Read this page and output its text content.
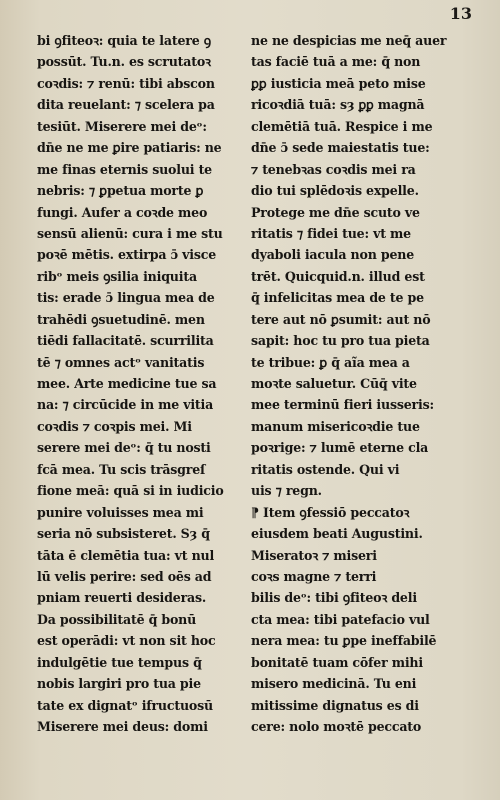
13
bi ꝯfiteoꝛ: quia te latere ꝯ
possūt. Tu.n. es scrutatoꝛ
coꝛdis: ⁊ renū: tibi abscon
dita reuelant: ⁊ scelera pa
tesiūt. Miserere mei deᵒ:
dn̄e ne me ꝑire patiaris: ne
me finas eternis suolui te
nebris: ⁊ ꝑpetua morte ꝑ
fungi. Aufer a coꝛde meo
sensū alienū: cura i me stu
poꝛē mētis. extirpa ɔ̄ visce
ribᵒ meis ꝯsilia iniquita
tis: erade ɔ̄ lingua mea de
trahēdi ꝯsuetudinē. men
tiēdi fallacitatē. scurrilita
tē ⁊ omnes actᵒ vanitatis
mee. Arte medicine tue sa
na: ⁊ circūcide in me vitia
coꝛdis ⁊ coꝛpis mei. Mi
serere mei deᵒ: q̄ tu nosti
fcā mea. Tu scis trāsgreſ
fione meā: quā si in iudicio
punire voluisses mea mi
seria nō subsisteret. Sȝ q̄
tāta ē clemētia tua: vt nul
lū velis perire: sed oēs ad
pniam reuerti desideras.
Da possibilitatē q̄ bonū
est operādi: vt non sit hoc
indulgētie tue tempus q̄
nobis largiri pro tua pie
tate ex dignatᵒ ifructuosū
Miserere mei deus: domi
ne ne despicias me neq̄ auer
tas faciē tuā a me: q̄ non
ꝑꝑ iusticia meā peto mise
ricoꝛdiā tuā: sȝ ꝑꝑ magnā
clemētiā tuā. Respice i me
dn̄e ɔ̄ sede maiestatis tue:
⁊ tenebꝛas coꝛdis mei ra
dio tui splēdoꝛis expelle.
Protege me dn̄e scuto ve
ritatis ⁊ fidei tue: vt me
dyaboli iacula non pene
trēt. Quicquid.n. illud est
q̄ infelicitas mea de te pe
tere aut nō ꝑsumit: aut nō
sapit: hoc tu pro tua pieta
te tribue: ꝑ q̄ aĩa mea a
moꝛte saluetur. Cūq̄ vite
mee terminū fieri iusseris:
manum misericoꝛdie tue
poꝛrige: ⁊ lumē eterne cla
ritatis ostende. Qui vi
uis ⁊ regn.
⁋ Item ꝯfessiō peccatoꝛ
eiusdem beati Augustini.
Miseratoꝛ ⁊ miseri
coꝛs magne ⁊ terri
bilis deᵒ: tibi ꝯfiteoꝛ deli
cta mea: tibi patefacio vul
nera mea: tu ꝑpe ineffabilē
bonitatē tuam cōfer mihi
misero medicinā. Tu eni
mitissime dignatus es di
cere: nolo moꝛtē peccato
